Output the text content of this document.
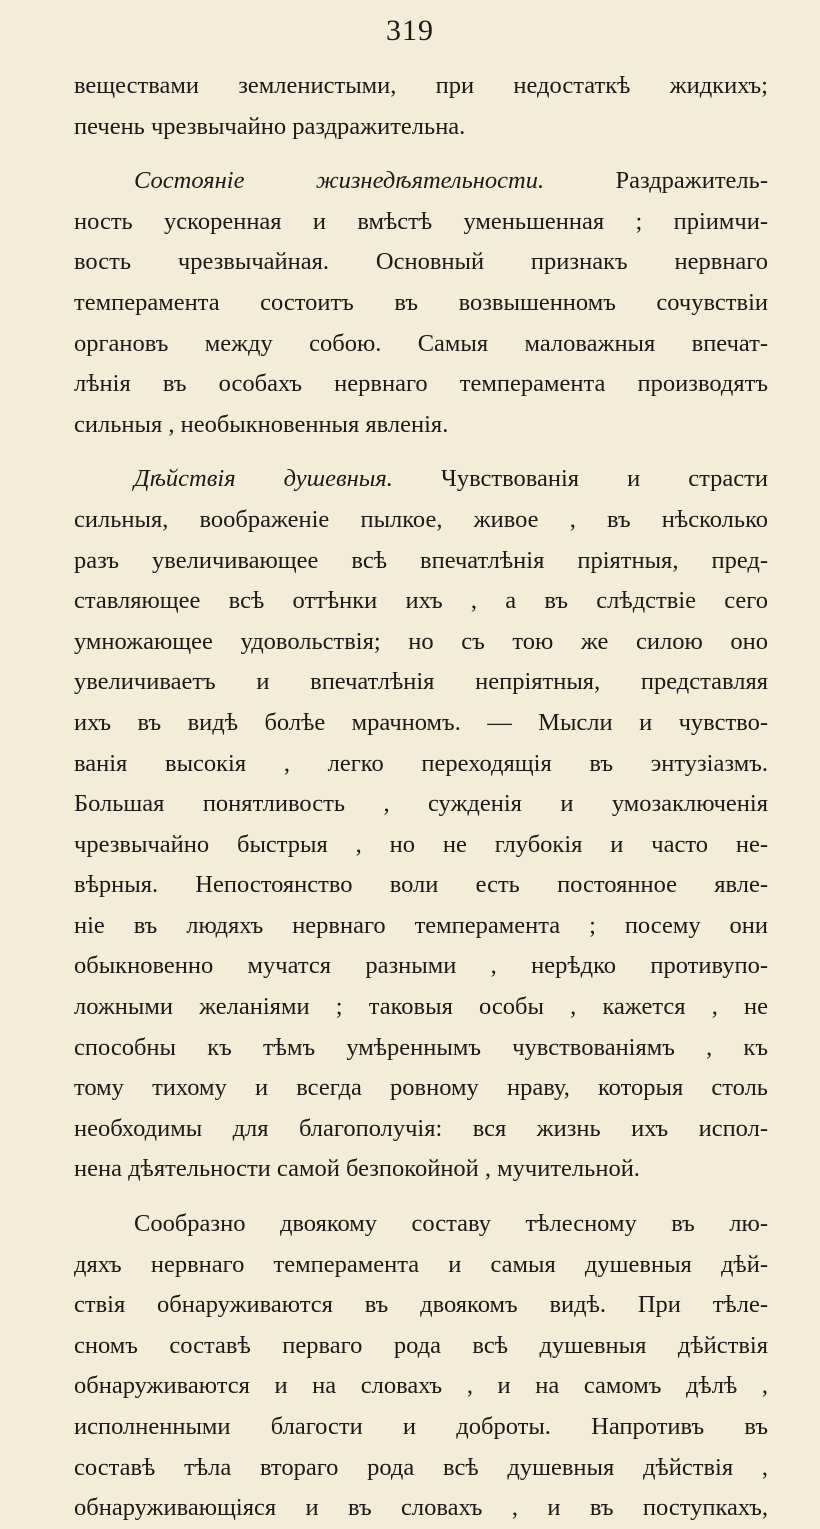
319
веществами земленистыми, при недостаткѣ жидкихъ;
печень чрезвычайно раздражительна.
Состоянiе жизнедѣятельности.	Раздражитель-
ность ускоренная и вмѣстѣ уменьшенная ; прiимчи-
вость чрезвычайная. Основный признакъ нервнаго
темперамента состоитъ въ возвышенномъ сочувствiи
органовъ между собою. Самыя маловажныя впечат-
лѣнiя въ особахъ нервнаго темперамента производятъ
сильныя , необыкновенныя явленiя.
Дѣйствiя душевныя. Чувствованiя и страсти
сильныя, воображенiе пылкое, живое , въ нѣсколько
разъ увеличивающее всѣ впечатлѣнiя прiятныя, пред-
ставляющее всѣ оттѣнки ихъ , а въ слѣдствiе сего
умножающее удовольствiя; но съ тою же силою оно
увеличиваетъ и впечатлѣнiя непрiятныя, представляя
ихъ въ видѣ болѣе мрачномъ. — Мысли и чувство-
ванiя высокiя , легко переходящiя въ энтузiазмъ.
Большая понятливость , сужденiя и умозаключенiя
чрезвычайно быстрыя , но не глубокiя и часто не-
вѣрныя. Непостоянство воли есть постоянное явле-
нiе въ людяхъ нервнаго темперамента ; посему они
обыкновенно мучатся разными , нерѣдко противупо-
ложными желанiями ; таковыя особы , кажется , не
способны къ тѣмъ умѣреннымъ чувствованiямъ , къ
тому тихому и всегда ровному нраву, которыя столь
необходимы для благополучiя: вся жизнь ихъ испол-
нена дѣятельности самой безпокойной , мучительной.
Сообразно двоякому составу тѣлесному въ лю-
дяхъ нервнаго темперамента и самыя душевныя дѣй-
ствiя обнаруживаются въ двоякомъ видѣ. При тѣле-
сномъ составѣ перваго рода всѣ душевныя дѣйствiя
обнаруживаются и на словахъ , и на самомъ дѣлѣ ,
исполненными благости и доброты. Напротивъ въ
составѣ тѣла втораго рода всѣ душевныя дѣйствiя ,
обнаруживающiяся и въ словахъ , и въ поступкахъ,
